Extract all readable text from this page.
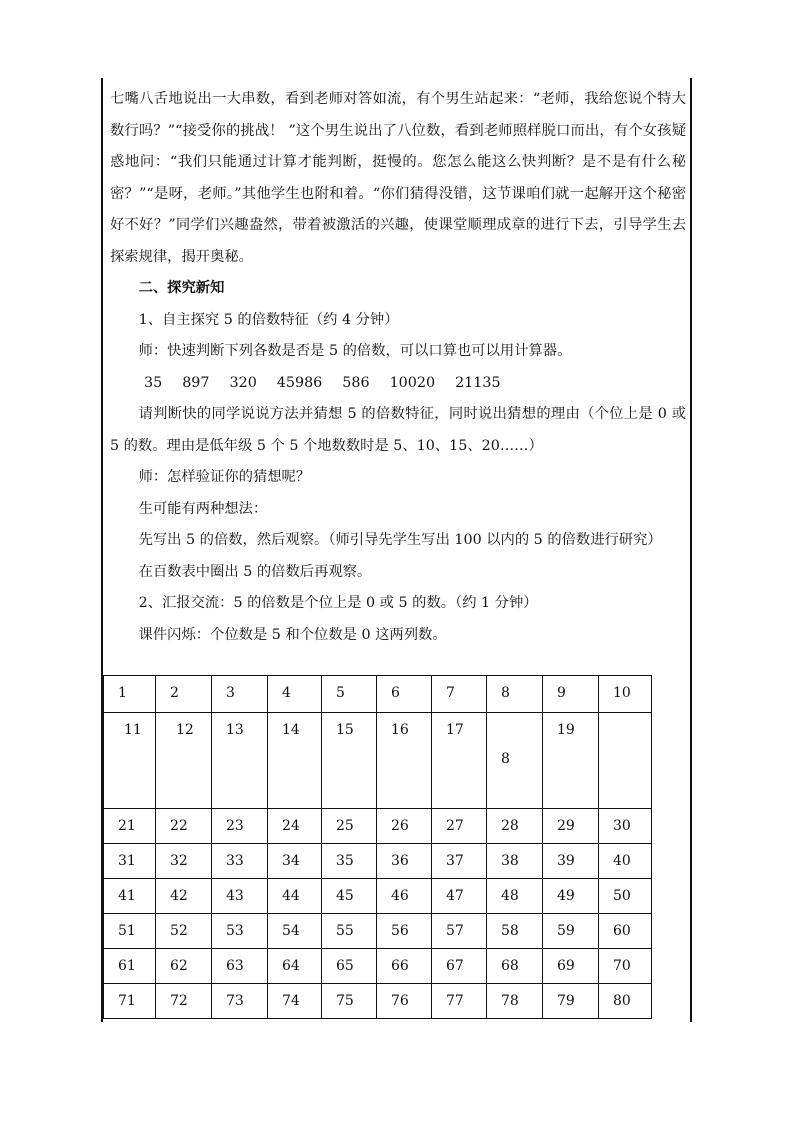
七嘴八舌地说出一大串数，看到老师对答如流，有个男生站起来：“老师，我给您说个特大数行吗？”“接受你的挑战！ ”这个男生说出了八位数，看到老师照样脱口而出，有个女孩疑惑地问：“我们只能通过计算才能判断，挺慢的。您怎么能这么快判断？是不是有什么秘密？”“是呀，老师。”其他学生也附和着。“你们猜得没错，这节课咱们就一起解开这个秘密好不好？”同学们兴趣盎然，带着被激活的兴趣，使课堂顺理成章的进行下去，引导学生去探索规律，揭开奥秘。

二、探究新知

1、自主探究 5 的倍数特征（约 4 分钟）

师：快速判断下列各数是否是 5 的倍数，可以口算也可以用计算器。

35 897 320 45986 586 10020 21135

请判断快的同学说说方法并猜想 5 的倍数特征，同时说出猜想的理由（个位上是 0 或 5 的数。理由是低年级 5 个 5 个地数数时是 5、10、15、20……）

师：怎样验证你的猜想呢？

生可能有两种想法：

先写出 5 的倍数，然后观察。（师引导先学生写出 100 以内的 5 的倍数进行研究）

在百数表中圈出 5 的倍数后再观察。

2、汇报交流：5 的倍数是个位上是 0 或 5 的数。（约 1 分钟）

课件闪烁：个位数是 5 和个位数是 0 这两列数。

1	2	3	4	5	6	7	8	9	10

11	12	13	14	15	16	17	8	19	

21	22	23	24	25	26	27	28	29	30

31	32	33	34	35	36	37	38	39	40

41	42	43	44	45	46	47	48	49	50

51	52	53	54	55	56	57	58	59	60

61	62	63	64	65	66	67	68	69	70

71	72	73	74	75	76	77	78	79	80
